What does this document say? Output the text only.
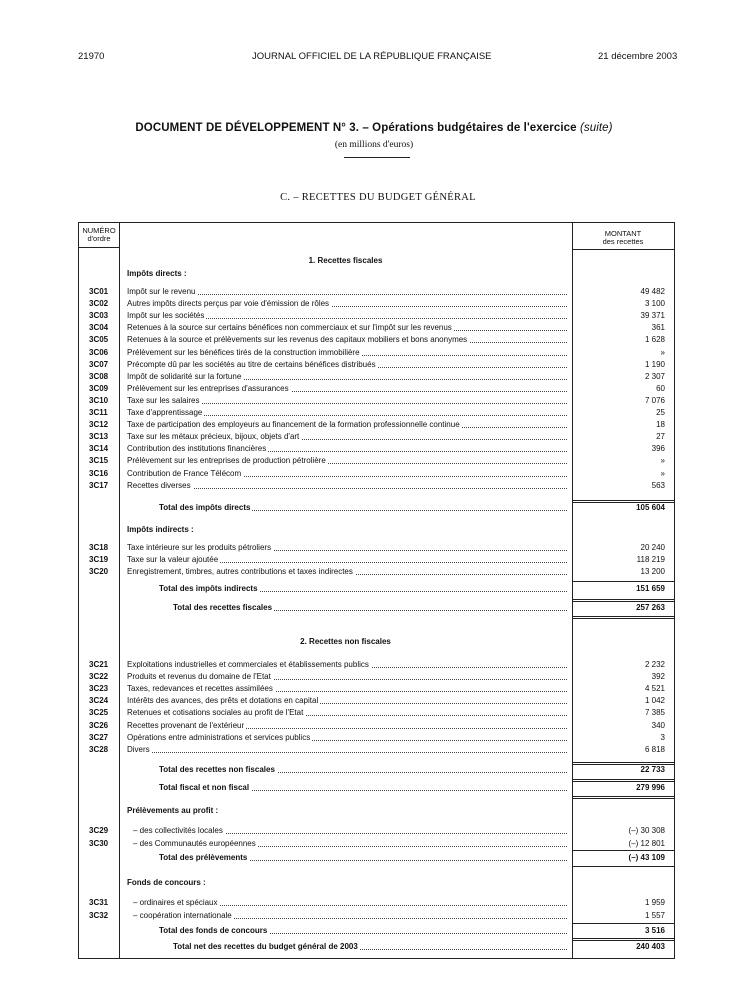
21970	JOURNAL OFFICIEL DE LA RÉPUBLIQUE FRANÇAISE	21 décembre 2003
DOCUMENT DE DÉVELOPPEMENT N° 3. – Opérations budgétaires de l'exercice (suite)
(en millions d'euros)
C. – RECETTES DU BUDGET GÉNÉRAL
NUMÉRO
d'ordre
MONTANT
des recettes
1. Recettes fiscales
Impôts directs :
3C01 Impôt sur le revenu	49 482
3C02 Autres impôts directs perçus par voie d'émission de rôles	3 100
3C03 Impôt sur les sociétés	39 371
3C04 Retenues à la source sur certains bénéfices non commerciaux et sur l'impôt sur les revenus	361
3C05 Retenues à la source et prélèvements sur les revenus des capitaux mobiliers et bons anonymes	1 628
3C06 Prélèvement sur les bénéfices tirés de la construction immobilière	»
3C07 Précompte dû par les sociétés au titre de certains bénéfices distribués	1 190
3C08 Impôt de solidarité sur la fortune	2 307
3C09 Prélèvement sur les entreprises d'assurances	60
3C10 Taxe sur les salaires	7 076
3C11 Taxe d'apprentissage	25
3C12 Taxe de participation des employeurs au financement de la formation professionnelle continue	18
3C13 Taxe sur les métaux précieux, bijoux, objets d'art	27
3C14 Contribution des institutions financières	396
3C15 Prélèvement sur les entreprises de production pétrolière	»
3C16 Contribution de France Télécom	»
3C17 Recettes diverses	563
Total des impôts directs	105 604
Impôts indirects :
3C18 Taxe intérieure sur les produits pétroliers	20 240
3C19 Taxe sur la valeur ajoutée	118 219
3C20 Enregistrement, timbres, autres contributions et taxes indirectes	13 200
Total des impôts indirects	151 659
Total des recettes fiscales	257 263
2. Recettes non fiscales
3C21 Exploitations industrielles et commerciales et établissements publics	2 232
3C22 Produits et revenus du domaine de l'Etat	392
3C23 Taxes, redevances et recettes assimilées	4 521
3C24 Intérêts des avances, des prêts et dotations en capital	1 042
3C25 Retenues et cotisations sociales au profit de l'Etat	7 385
3C26 Recettes provenant de l'extérieur	340
3C27 Opérations entre administrations et services publics	3
3C28 Divers	6 818
Total des recettes non fiscales	22 733
Total fiscal et non fiscal	279 996
Prélèvements au profit :
3C29	– des collectivités locales	(–) 30 308
3C30	– des Communautés européennes	(–) 12 801
Total des prélèvements	(–) 43 109
Fonds de concours :
3C31	– ordinaires et spéciaux	1 959
3C32	– coopération internationale	1 557
Total des fonds de concours	3 516
Total net des recettes du budget général de 2003	240 403
